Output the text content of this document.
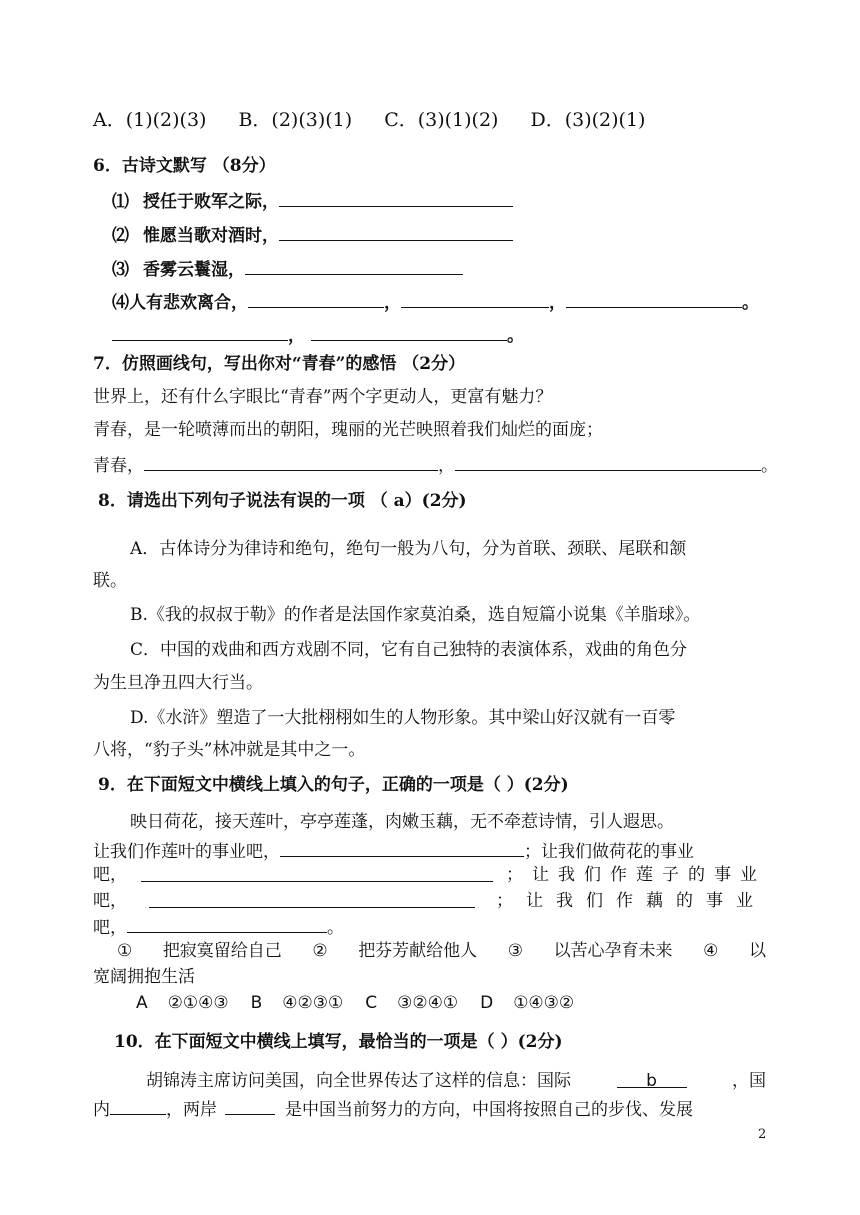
A．(1)(2)(3) B．(2)(3)(1) C．(3)(1)(2) D．(3)(2)(1)
6．古诗文默写 （8分）
⑴ 授任于败军之际，
⑵ 惟愿当歌对酒时，
⑶ 香雾云鬟湿，
⑷人有悲欢离合，	，	，	。
，	。
7．仿照画线句，写出你对“青春”的感悟 （2分）
世界上，还有什么字眼比“青春”两个字更动人，更富有魅力？
青春，是一轮喷薄而出的朝阳，瑰丽的光芒映照着我们灿烂的面庞；
青春，	，	。
8．请选出下列句子说法有误的一项 （ a）(2分)
A．古体诗分为律诗和绝句，绝句一般为八句，分为首联、颈联、尾联和颔
联。
B.《我的叔叔于勒》的作者是法国作家莫泊桑，选自短篇小说集《羊脂球》。
C．中国的戏曲和西方戏剧不同，它有自己独特的表演体系，戏曲的角色分
为生旦净丑四大行当。
D.《水浒》塑造了一大批栩栩如生的人物形象。其中梁山好汉就有一百零
八将，“豹子头”林冲就是其中之一。
9．在下面短文中横线上填入的句子，正确的一项是（ ）(2分)
映日荷花，接天莲叶，亭亭莲蓬，肉嫩玉藕，无不牵惹诗情，引人遐思。
让我们作莲叶的事业吧，	；让我们做荷花的事业
吧，	；让我们作莲子的事业
吧，	；让我们作藕的事业
吧，	。
① 把寂寞留给自己 ② 把芬芳献给他人 ③ 以苦心孕育未来 ④ 以
宽阔拥抱生活
A ②①④③ B ④②③① C ③②④① D ①④③②
10．在下面短文中横线上填写，最恰当的一项是（ ）(2分)
胡锦涛主席访问美国，向全世界传达了这样的信息：国际	b	，国
内	，两岸	是中国当前努力的方向，中国将按照自己的步伐、发展
2
